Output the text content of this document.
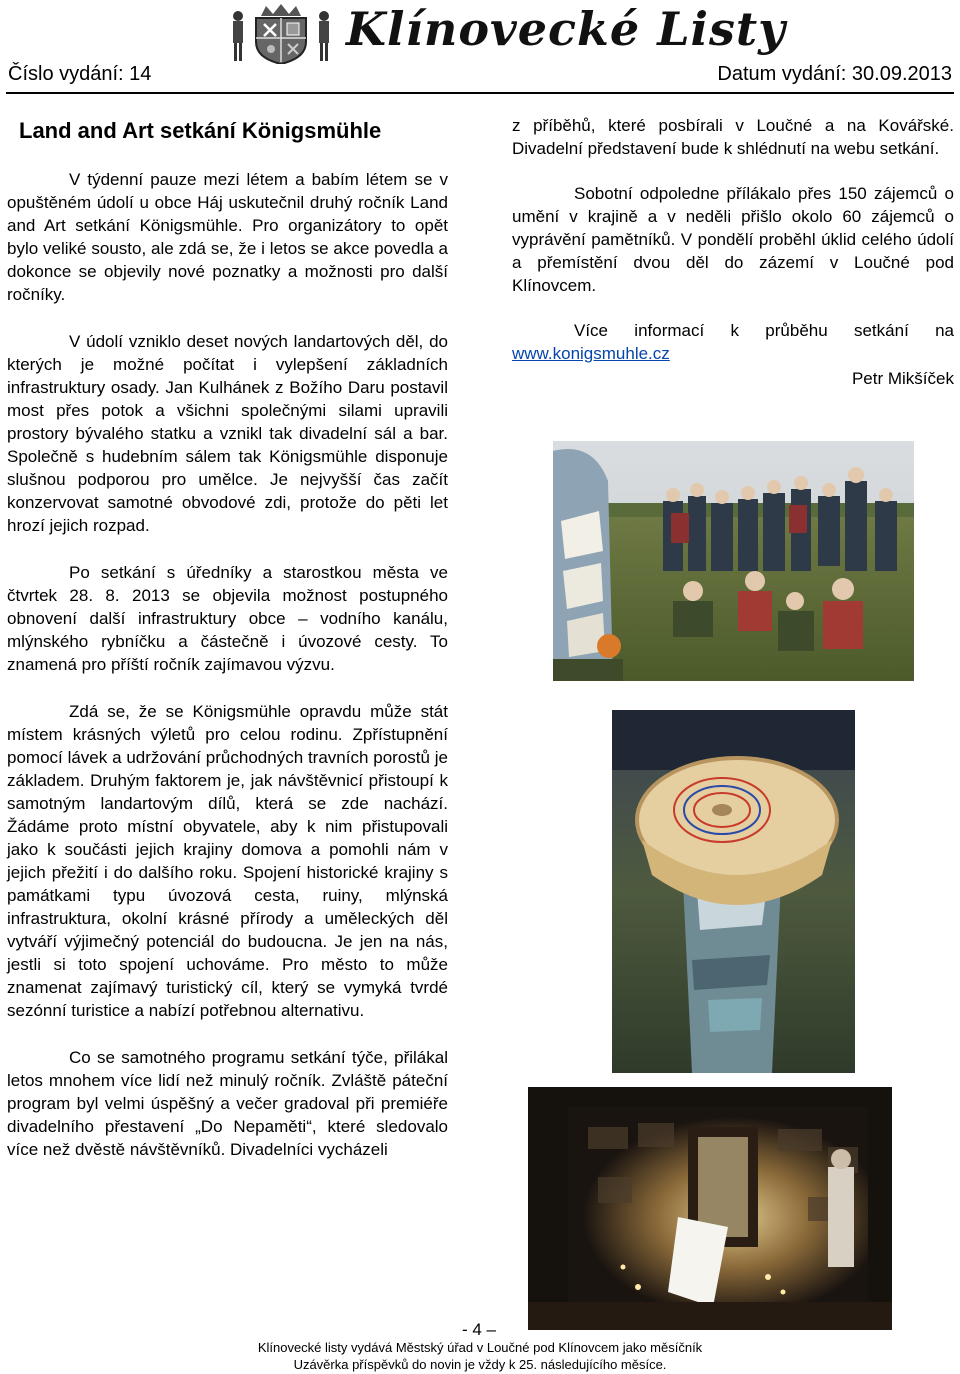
Klínovecké Listy
Číslo vydání: 14	Datum vydání: 30.09.2013
Land and Art setkání Königsmühle

V týdenní pauze mezi létem a babím létem se v opuštěném údolí u obce Háj uskutečnil druhý ročník Land and Art setkání Königsmühle. Pro organizátory to opět bylo veliké sousto, ale zdá se, že i letos se akce povedla a dokonce se objevily nové poznatky a možnosti pro další ročníky.

V údolí vzniklo deset nových landartových děl, do kterých je možné počítat i vylepšení základních infrastruktury osady. Jan Kulhánek z Božího Daru postavil most přes potok a všichni společnými silami upravili prostory bývalého statku a vznikl tak divadelní sál a bar. Společně s hudebním sálem tak Königsmühle disponuje slušnou podporou pro umělce. Je nejvyšší čas začít konzervovat samotné obvodové zdi, protože do pěti let hrozí jejich rozpad.

Po setkání s úředníky a starostkou města ve čtvrtek 28. 8. 2013 se objevila možnost postupného obnovení další infrastruktury obce – vodního kanálu, mlýnského rybníčku a částečně i úvozové cesty. To znamená pro příští ročník zajímavou výzvu.

Zdá se, že se Königsmühle opravdu může stát místem krásných výletů pro celou rodinu. Zpřístupnění pomocí lávek a udržování průchodných travních porostů je základem. Druhým faktorem je, jak návštěvnicí přistoupí k samotným landartovým dílů, která se zde nachází. Žádáme proto místní obyvatele, aby k nim přistupovali jako k součásti jejich krajiny domova a pomohli nám v jejich přežití i do dalšího roku. Spojení historické krajiny s památkami typu úvozová cesta, ruiny, mlýnská infrastruktura, okolní krásné přírody a uměleckých děl vytváří výjimečný potenciál do budoucna. Je jen na nás, jestli si toto spojení uchováme. Pro město to může znamenat zajímavý turistický cíl, který se vymyká tvrdé sezónní turistice a nabízí potřebnou alternativu.

Co se samotného programu setkání týče, přilákal letos mnohem více lidí než minulý ročník. Zvláště páteční program byl velmi úspěšný a večer gradoval při premiéře divadelního přestavení „Do Nepaměti“, které sledovalo více než dvěstě návštěvníků. Divadelníci vycházeli

z příběhů, které posbírali v Loučné a na Kovářské. Divadelní představení bude k shlédnutí na webu setkání.

Sobotní odpoledne přílákalo přes 150 zájemců o umění v krajině a v neděli přišlo okolo 60 zájemců o vyprávění pamětníků. V pondělí proběhl úklid celého údolí a přemístění dvou děl do zázemí v Loučné pod Klínovcem.

Více informací k průběhu setkání na www.konigsmuhle.cz

Petr Mikšíček
- 4 –
Klínovecké listy vydává Městský úřad v Loučné pod Klínovcem jako měsíčník
Uzávěrka příspěvků do novin je vždy k 25. následujícího měsíce.
